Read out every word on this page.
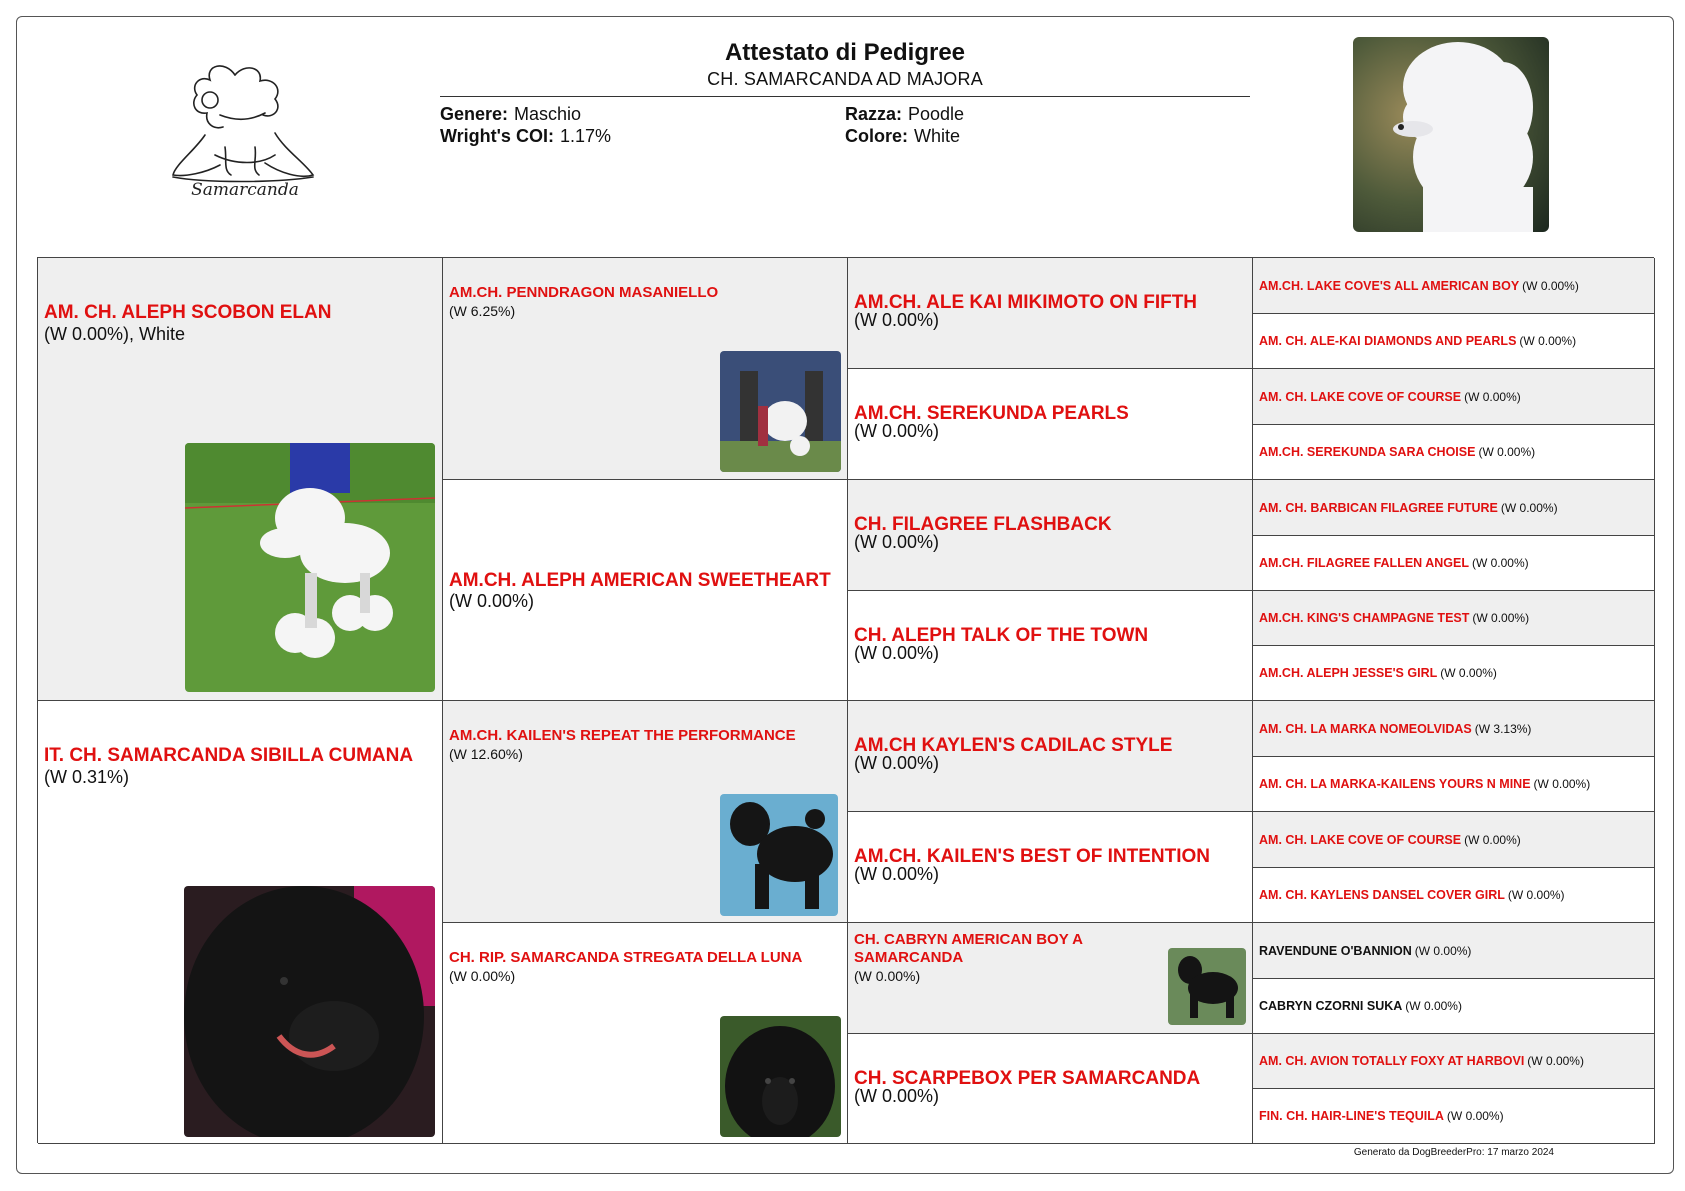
Samarcanda

Attestato di Pedigree

CH. SAMARCANDA AD MAJORA

Genere: Maschio
Wright's COI: 1.17%
Razza: Poodle
Colore: White
AM. CH. ALEPH SCOBON ELAN
(W 0.00%), White
IT. CH. SAMARCANDA SIBILLA CUMANA
(W 0.31%)
AM.CH. PENNDRAGON MASANIELLO
(W 6.25%)
AM.CH. ALEPH AMERICAN SWEETHEART
(W 0.00%)
AM.CH. KAILEN'S REPEAT THE PERFORMANCE
(W 12.60%)
CH. RIP. SAMARCANDA STREGATA DELLA LUNA
(W 0.00%)
AM.CH. ALE KAI MIKIMOTO ON FIFTH
(W 0.00%)
AM.CH. SEREKUNDA PEARLS
(W 0.00%)
CH. FILAGREE FLASHBACK
(W 0.00%)
CH. ALEPH TALK OF THE TOWN
(W 0.00%)
AM.CH KAYLEN'S CADILAC STYLE
(W 0.00%)
AM.CH. KAILEN'S BEST OF INTENTION
(W 0.00%)
CH. CABRYN AMERICAN BOY A SAMARCANDA
(W 0.00%)
CH. SCARPEBOX PER SAMARCANDA
(W 0.00%)
AM.CH. LAKE COVE'S ALL AMERICAN BOY (W 0.00%)
AM. CH. ALE-KAI DIAMONDS AND PEARLS (W 0.00%)
AM. CH. LAKE COVE OF COURSE (W 0.00%)
AM.CH. SEREKUNDA SARA CHOISE (W 0.00%)
AM. CH. BARBICAN FILAGREE FUTURE (W 0.00%)
AM.CH. FILAGREE FALLEN ANGEL (W 0.00%)
AM.CH. KING'S CHAMPAGNE TEST (W 0.00%)
AM.CH. ALEPH JESSE'S GIRL (W 0.00%)
AM. CH. LA MARKA NOMEOLVIDAS (W 3.13%)
AM. CH. LA MARKA-KAILENS YOURS N MINE (W 0.00%)
AM. CH. LAKE COVE OF COURSE (W 0.00%)
AM. CH. KAYLENS DANSEL COVER GIRL (W 0.00%)
RAVENDUNE O'BANNION (W 0.00%)
CABRYN CZORNI SUKA (W 0.00%)
AM. CH. AVION TOTALLY FOXY AT HARBOVI (W 0.00%)
FIN. CH. HAIR-LINE'S TEQUILA (W 0.00%)
Generato da DogBreederPro: 17 marzo 2024
